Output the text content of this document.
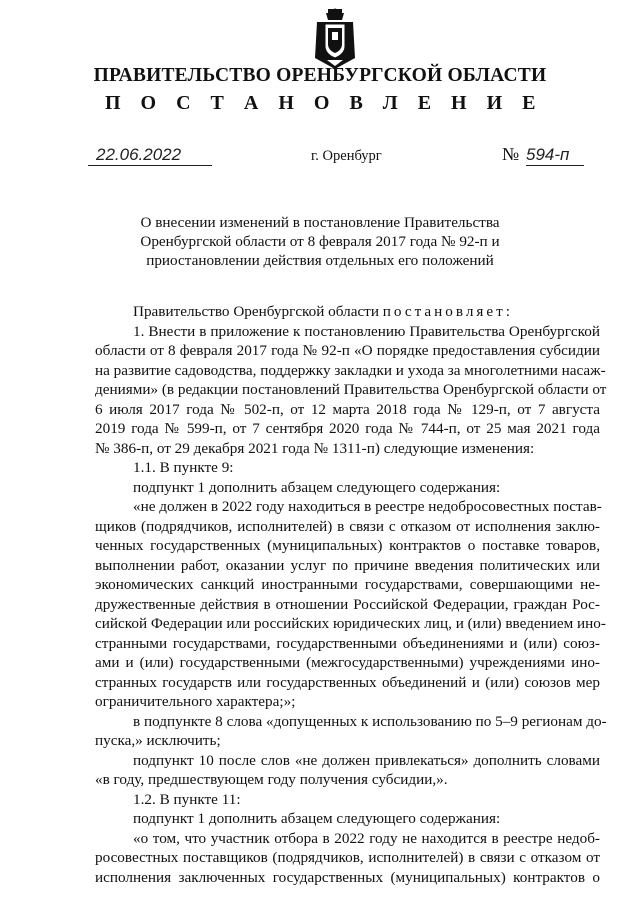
ПРАВИТЕЛЬСТВО ОРЕНБУРГСКОЙ ОБЛАСТИ
П О С Т А Н О В Л Е Н И Е
22.06.2022	г. Оренбург	№ 594-п
О внесении изменений в постановление Правительства
Оренбургской области от 8 февраля 2017 года № 92-п и
приостановлении действия отдельных его положений
Правительство Оренбургской области постановляет:
1. Внести в приложение к постановлению Правительства Оренбургской
области от 8 февраля 2017 года № 92-п «О порядке предоставления субсидии
на развитие садоводства, поддержку закладки и ухода за многолетними насаж-
дениями» (в редакции постановлений Правительства Оренбургской области от
6 июля 2017 года № 502-п, от 12 марта 2018 года № 129-п, от 7 августа
2019 года № 599-п, от 7 сентября 2020 года № 744-п, от 25 мая 2021 года
№ 386-п, от 29 декабря 2021 года № 1311-п) следующие изменения:
1.1. В пункте 9:
подпункт 1 дополнить абзацем следующего содержания:
«не должен в 2022 году находиться в реестре недобросовестных постав-
щиков (подрядчиков, исполнителей) в связи с отказом от исполнения заклю-
ченных государственных (муниципальных) контрактов о поставке товаров,
выполнении работ, оказании услуг по причине введения политических или
экономических санкций иностранными государствами, совершающими не-
дружественные действия в отношении Российской Федерации, граждан Рос-
сийской Федерации или российских юридических лиц, и (или) введением ино-
странными государствами, государственными объединениями и (или) союз-
ами и (или) государственными (межгосударственными) учреждениями ино-
странных государств или государственных объединений и (или) союзов мер
ограничительного характера;»;
в подпункте 8 слова «допущенных к использованию по 5–9 регионам до-
пуска,» исключить;
подпункт 10 после слов «не должен привлекаться» дополнить словами
«в году, предшествующем году получения субсидии,».
1.2. В пункте 11:
подпункт 1 дополнить абзацем следующего содержания:
«о том, что участник отбора в 2022 году не находится в реестре недоб-
росовестных поставщиков (подрядчиков, исполнителей) в связи с отказом от
исполнения заключенных государственных (муниципальных) контрактов о
